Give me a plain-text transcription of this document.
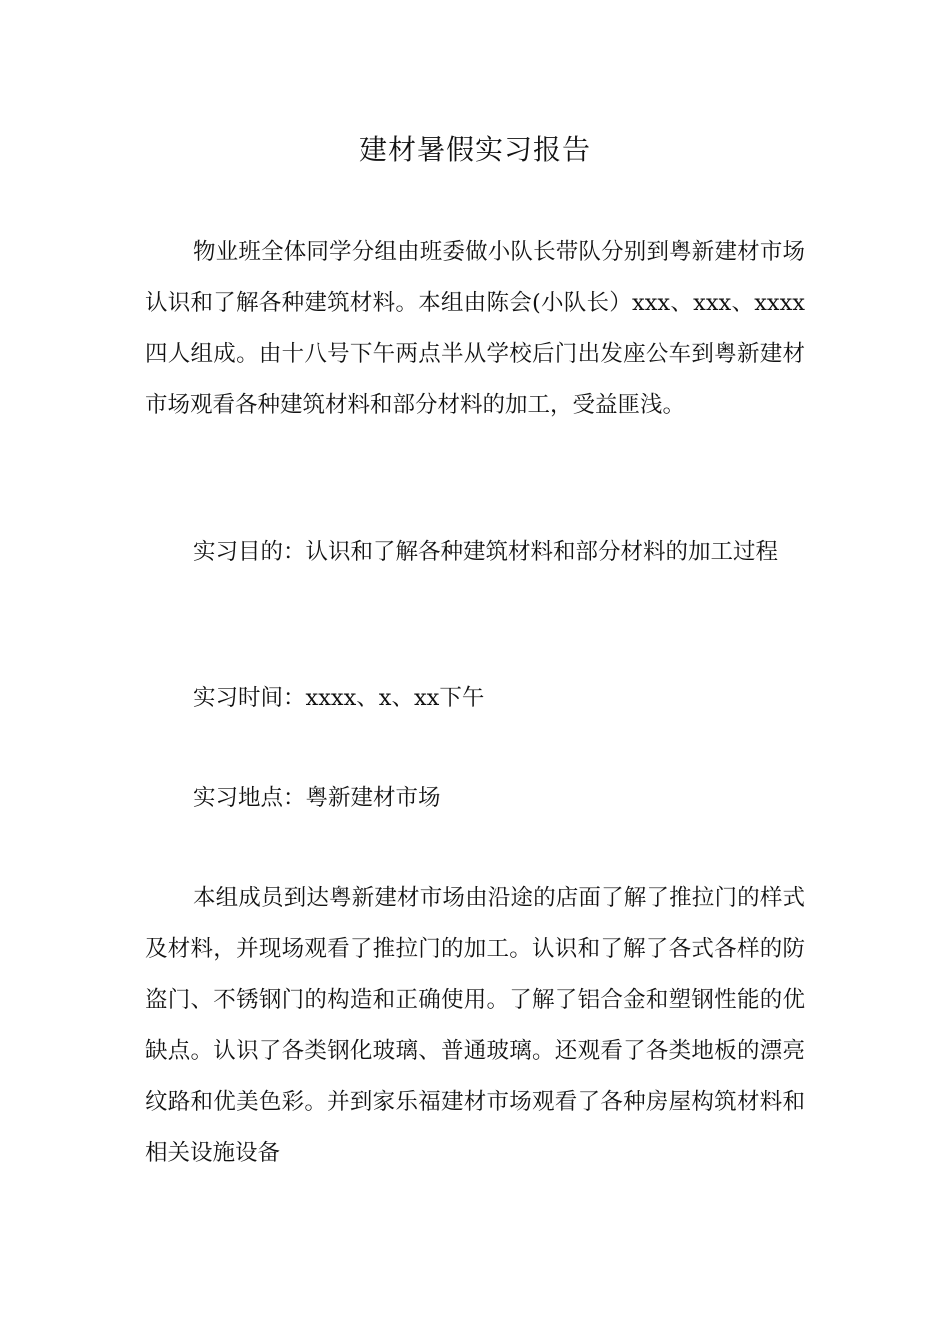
建材暑假实习报告

物业班全体同学分组由班委做小队长带队分别到粤新建材市场认识和了解各种建筑材料。本组由陈会(小队长）xxx、xxx、xxxx四人组成。由十八号下午两点半从学校后门出发座公车到粤新建材市场观看各种建筑材料和部分材料的加工，受益匪浅。

实习目的：认识和了解各种建筑材料和部分材料的加工过程

实习时间：xxxx、x、xx下午

实习地点：粤新建材市场

本组成员到达粤新建材市场由沿途的店面了解了推拉门的样式及材料，并现场观看了推拉门的加工。认识和了解了各式各样的防盗门、不锈钢门的构造和正确使用。了解了铝合金和塑钢性能的优缺点。认识了各类钢化玻璃、普通玻璃。还观看了各类地板的漂亮纹路和优美色彩。并到家乐福建材市场观看了各种房屋构筑材料和相关设施设备
